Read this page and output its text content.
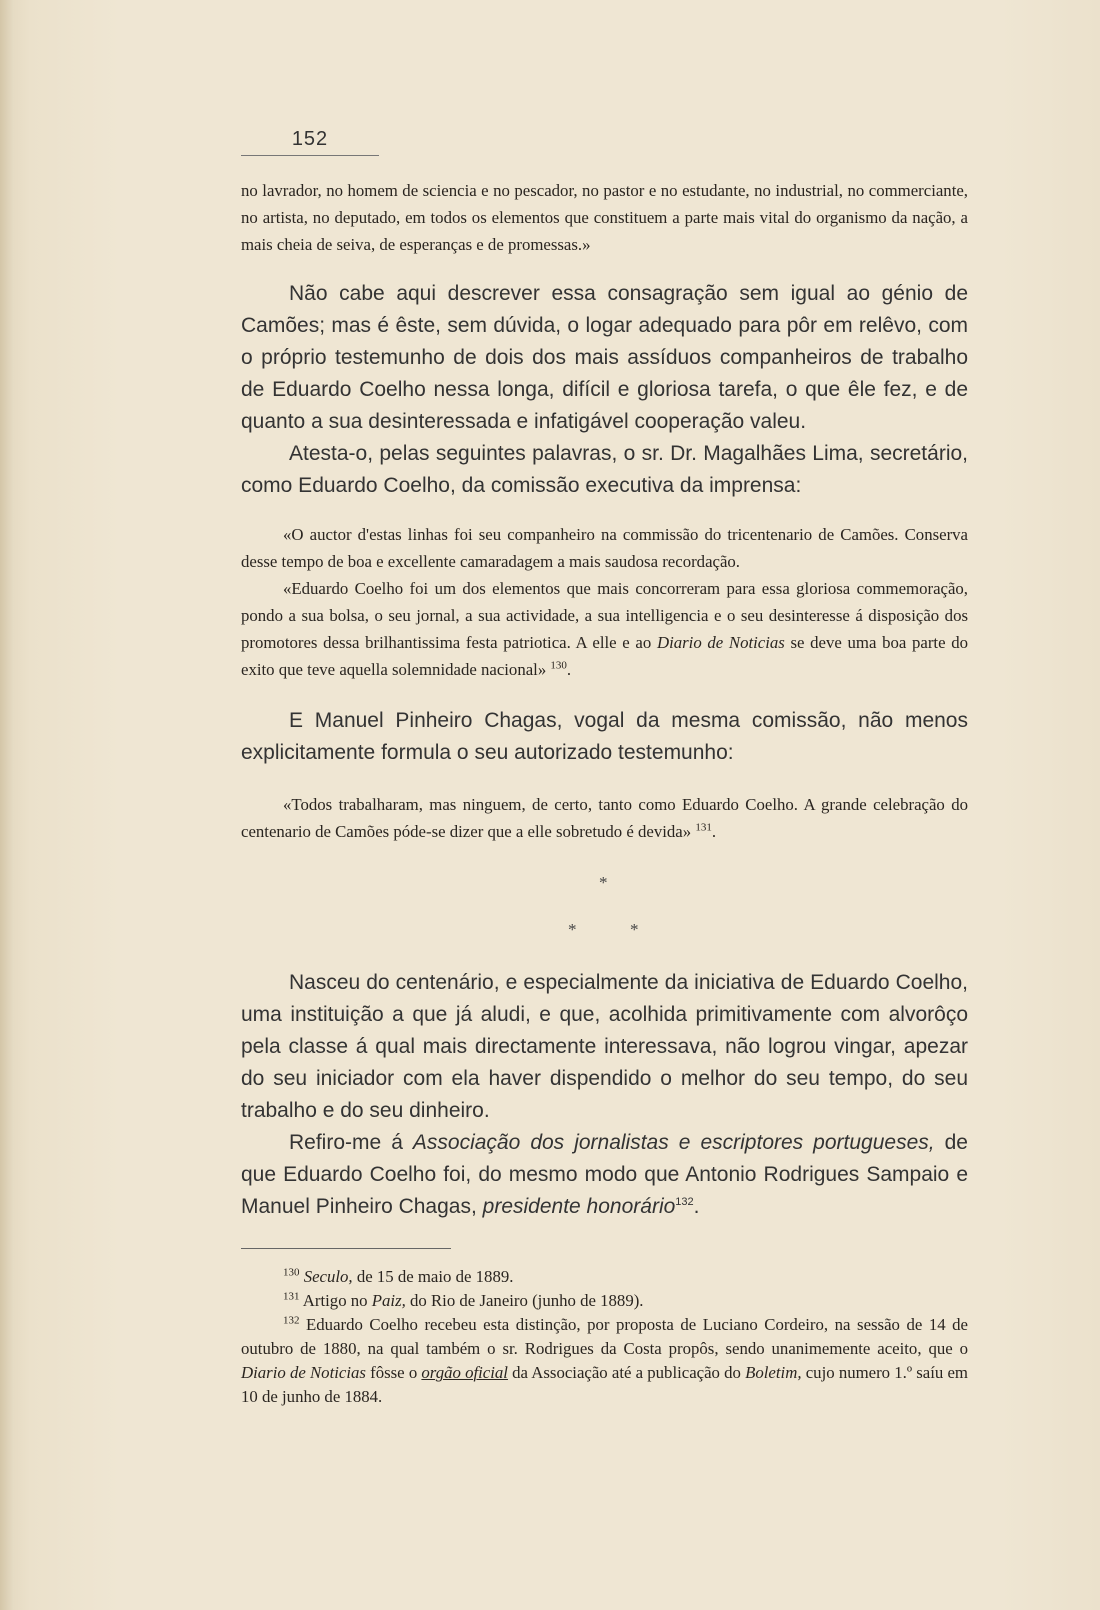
152

no lavrador, no homem de sciencia e no pescador, no pastor e no estudante, no industrial, no commerciante, no artista, no deputado, em todos os elementos que constituem a parte mais vital do organismo da nação, a mais cheia de seiva, de esperanças e de promessas.»

Não cabe aqui descrever essa consagração sem igual ao génio de Camões; mas é êste, sem dúvida, o logar adequado para pôr em relêvo, com o próprio testemunho de dois dos mais assíduos companheiros de trabalho de Eduardo Coelho nessa longa, difícil e gloriosa tarefa, o que êle fez, e de quanto a sua desinteressada e infatigável cooperação valeu.

Atesta-o, pelas seguintes palavras, o sr. Dr. Magalhães Lima, secretário, como Eduardo Coelho, da comissão executiva da imprensa:

«O auctor d'estas linhas foi seu companheiro na commissão do tricentenario de Camões. Conserva desse tempo de boa e excellente camaradagem a mais saudosa recordação.

«Eduardo Coelho foi um dos elementos que mais concorreram para essa gloriosa commemoração, pondo a sua bolsa, o seu jornal, a sua actividade, a sua intelligencia e o seu desinteresse á disposição dos promotores dessa brilhantissima festa patriotica. A elle e ao Diario de Noticias se deve uma boa parte do exito que teve aquella solemnidade nacional» $^{130}$.

E Manuel Pinheiro Chagas, vogal da mesma comissão, não menos explicitamente formula o seu autorizado testemunho:

«Todos trabalharam, mas ninguem, de certo, tanto como Eduardo Coelho. A grande celebração do centenario de Camões póde-se dizer que a elle sobretudo é devida» $^{131}$.

*
*	*

Nasceu do centenário, e especialmente da iniciativa de Eduardo Coelho, uma instituição a que já aludi, e que, acolhida primitivamente com alvorôço pela classe á qual mais directamente interessava, não logrou vingar, apezar do seu iniciador com ela haver dispendido o melhor do seu tempo, do seu trabalho e do seu dinheiro.

Refiro-me á Associação dos jornalistas e escriptores portugueses, de que Eduardo Coelho foi, do mesmo modo que Antonio Rodrigues Sampaio e Manuel Pinheiro Chagas, presidente honorário$^{132}$.

$^{130}$ Seculo, de 15 de maio de 1889.

$^{131}$ Artigo no Paiz, do Rio de Janeiro (junho de 1889).

$^{132}$ Eduardo Coelho recebeu esta distinção, por proposta de Luciano Cordeiro, na sessão de 14 de outubro de 1880, na qual também o sr. Rodrigues da Costa propôs, sendo unanimemente aceito, que o Diario de Noticias fôsse o orgão oficial da Associação até a publicação do Boletim, cujo numero 1.º saíu em 10 de junho de 1884.
